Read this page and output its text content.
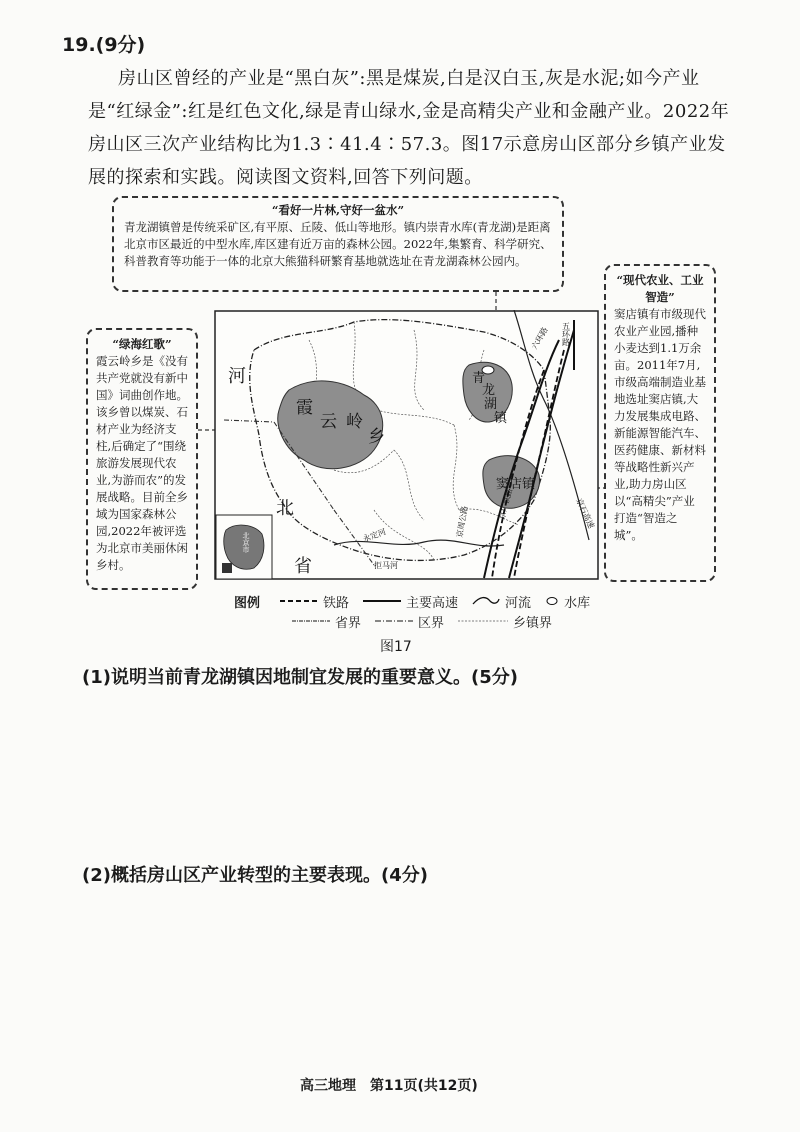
19.(9分)
房山区曾经的产业是“黑白灰”:黑是煤炭,白是汉白玉,灰是水泥;如今产业是“红绿金”:红是红色文化,绿是青山绿水,金是高精尖产业和金融产业。2022年房山区三次产业结构比为1.3∶41.4∶57.3。图17示意房山区部分乡镇产业发展的探索和实践。阅读图文资料,回答下列问题。
“看好一片林,守好一盆水”
青龙湖镇曾是传统采矿区,有平原、丘陵、低山等地形。镇内崇青水库(青龙湖)是距离北京市区最近的中型水库,库区建有近万亩的森林公园。2022年,集繁育、科学研究、科普教育等功能于一体的北京大熊猫科研繁育基地就选址在青龙湖森林公园内。
“绿海红歌”
霞云岭乡是《没有共产党就没有新中国》词曲创作地。该乡曾以煤炭、石材产业为经济支柱,后确定了“围绕旅游发展现代农业,为游而农”的发展战略。目前全乡域为国家森林公园,2022年被评选为北京市美丽休闲乡村。
“现代农业、工业智造”
窦店镇有市级现代农业产业园,播种小麦达到1.1万余亩。2011年7月,市级高端制造业基地选址窦店镇,大力发展集成电路、新能源智能汽车、医药健康、新材料等战略性新兴产业,助力房山区以“高精尖”产业打造“智造之城”。
河
北
省
霞
云 岭
乡
青
龙
湖
镇
窦店镇
五环路
六环路
京石高速
京广铁路
京周公路
拒马河
永定河
北京市
图例	铁路	主要高速	河流	水库
省界	区界	乡镇界
图17
(1)说明当前青龙湖镇因地制宜发展的重要意义。(5分)
(2)概括房山区产业转型的主要表现。(4分)
高三地理　第11页(共12页)
